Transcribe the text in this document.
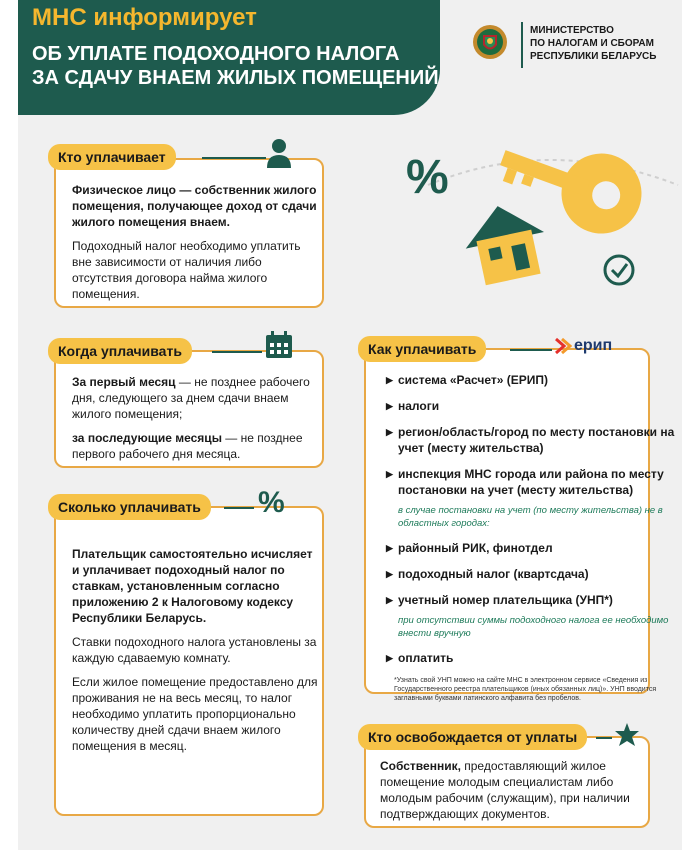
МНС информирует
ОБ УПЛАТЕ ПОДОХОДНОГО НАЛОГА
ЗА СДАЧУ ВНАЕМ ЖИЛЫХ ПОМЕЩЕНИЙ
МИНИСТЕРСТВО
ПО НАЛОГАМ И СБОРАМ
РЕСПУБЛИКИ БЕЛАРУСЬ
%
Кто уплачивает

Физическое лицо — собственник жилого помещения, получающее доход от сдачи жилого помещения внаем.

Подоходный налог необходимо уплатить вне зависимости от наличия либо отсутствия договора найма жилого помещения.

Когда уплачивать

За первый месяц — не позднее рабочего дня, следующего за днем сдачи внаем жилого помещения;

за последующие месяцы — не позднее первого рабочего дня месяца.

Сколько уплачивать	%

Плательщик самостоятельно исчисляет и уплачивает подоходный налог по ставкам, установленным согласно приложению 2 к Налоговому кодексу Республики Беларусь.

Ставки подоходного налога установлены за каждую сдаваемую комнату.

Если жилое помещение предоставлено для проживания не на весь месяц, то налог необходимо уплатить пропорционально количеству дней сдачи внаем жилого помещения в месяц.

Как уплачивать	ерип
▶ система «Расчет» (ЕРИП)
▶ налоги
▶ регион/область/город по месту постановки на учет (месту жительства)
▶ инспекция МНС города или района по месту постановки на учет (месту жительства)
в случае постановки на учет (по месту жительства) не в областных городах:
▶ районный РИК, финотдел
▶ подоходный налог (квартсдача)
▶ учетный номер плательщика (УНП*)
при отсутствии суммы подоходного налога ее необходимо внести вручную
▶ оплатить
*Узнать свой УНП можно на сайте МНС в электронном сервисе «Сведения из Государственного реестра плательщиков (иных обязанных лиц)». УНП вводится заглавными буквами латинского алфавита без пробелов.
Кто освобождается от уплаты
Собственник, предоставляющий жилое помещение молодым специалистам либо молодым рабочим (служащим), при наличии подтверждающих документов.
